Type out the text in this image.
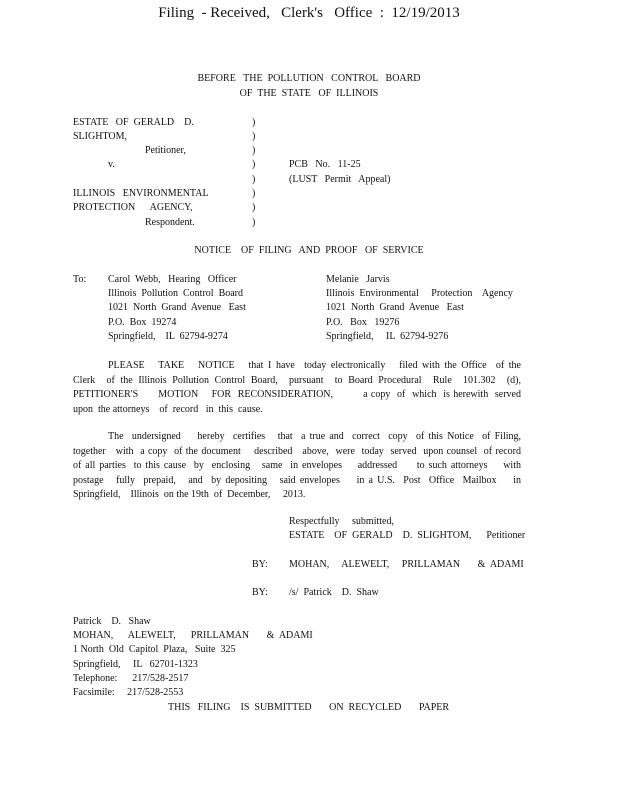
Filing  - Received,   Clerk's   Office  :  12/19/2013
BEFORE   THE  POLLUTION   CONTROL   BOARD
OF  THE  STATE   OF  ILLINOIS
ESTATE   OF  GERALD    D.
SLIGHTOM,
Petitioner,
v.
ILLINOIS   ENVIRONMENTAL
PROTECTION      AGENCY,
Respondent.
)
)
)
)
)
)
)
)
PCB   No.   11-25
(LUST   Permit   Appeal)
NOTICE    OF  FILING   AND  PROOF   OF  SERVICE
To: Carol  Webb,   Hearing   Officer
Illinois  Pollution  Control  Board
1021  North  Grand  Avenue   East
P.O.  Box  19274
Springfield,    IL  62794-9274
Melanie   Jarvis
Illinois  Environmental     Protection    Agency
1021  North  Grand  Avenue   East
P.O.   Box   19276
Springfield,     IL  62794-9276
PLEASE   TAKE   NOTICE   that I have  today electronically   filed with the Office  of the
Clerk  of the Illinois Pollution Control Board,  pursuant  to Board Procedural  Rule  101.302  (d),
PETITIONER'S      MOTION    FOR  RECONSIDERATION,         a copy  of  which  is herewith  served
upon  the attorneys    of  record   in  this  cause.
The  undersigned    hereby  certifies   that  a true and  correct  copy  of this Notice  of Filing,
together   with  a copy  of the document    described   above,  were  today  served  upon counsel  of record
of all parties  to this cause  by  enclosing   same  in envelopes    addressed     to such attorneys    with
postage   fully  prepaid,   and  by depositing   said envelopes    in a U.S.  Post  Office  Mailbox    in
Springfield,    Illinois  on the 19th  of  December,     2013.
Respectfully     submitted,
ESTATE    OF  GERALD    D.  SLIGHTOM,      Petitioner
BY: MOHAN,     ALEWELT,     PRILLAMAN       &  ADAMI
BY: /s/  Patrick    D.  Shaw
Patrick    D.   Shaw
MOHAN,      ALEWELT,      PRILLAMAN       &  ADAMI
1 North  Old  Capitol  Plaza,   Suite  325
Springfield,     IL   62701-1323
Telephone:      217/528-2517
Facsimile:     217/528-2553
THIS   FILING    IS  SUBMITTED       ON  RECYCLED       PAPER
